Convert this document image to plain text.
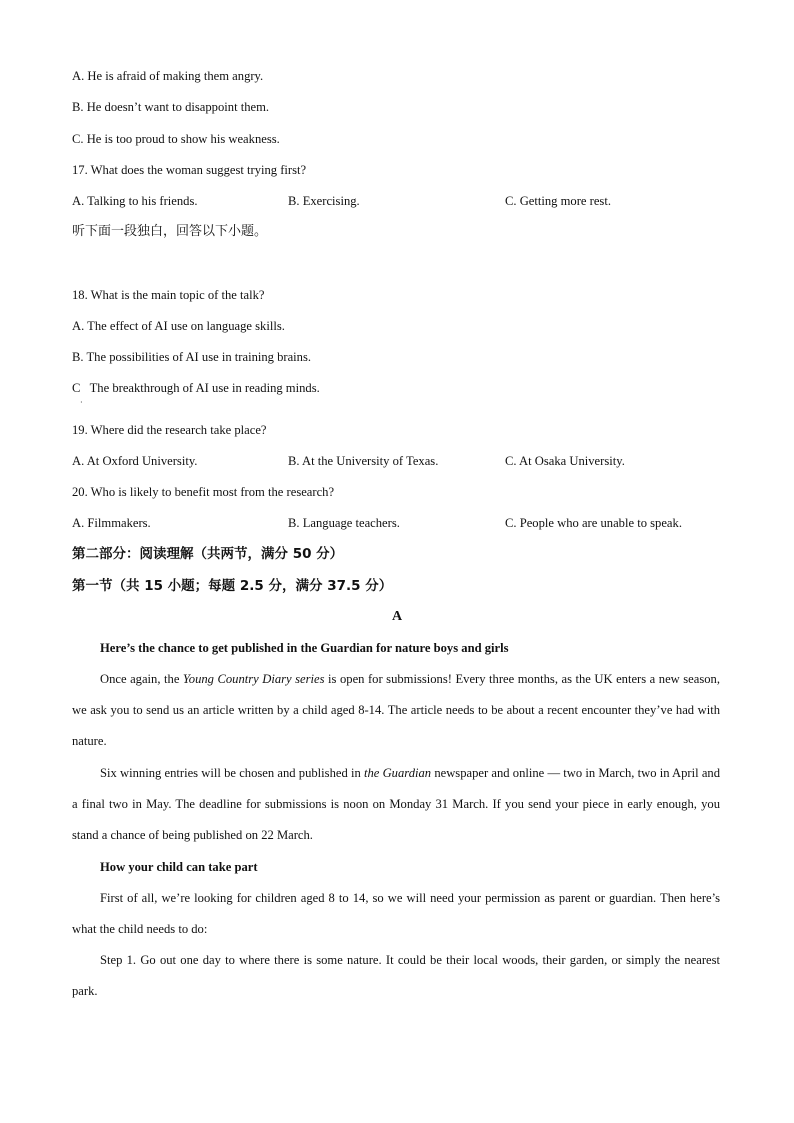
A. He is afraid of making them angry.
B. He doesn’t want to disappoint them.
C. He is too proud to show his weakness.
17. What does the woman suggest trying first?
A. Talking to his friends.	B. Exercising.	C. Getting more rest.
听下面一段独白，回答以下小题。
18. What is the main topic of the talk?
A. The effect of AI use on language skills.
B. The possibilities of AI use in training brains.
C   The breakthrough of AI use in reading minds.
·
19. Where did the research take place?
A. At Oxford University.	B. At the University of Texas.	C. At Osaka University.
20. Who is likely to benefit most from the research?
A. Filmmakers.	B. Language teachers.	C. People who are unable to speak.
第二部分：阅读理解（共两节，满分 50 分）
第一节（共 15 小题；每题 2.5 分，满分 37.5 分）
A
Here’s the chance to get published in the Guardian for nature boys and girls
Once again, the Young Country Diary series is open for submissions! Every three months, as the UK enters a new season, we ask you to send us an article written by a child aged 8-14. The article needs to be about a recent encounter they’ve had with nature.
Six winning entries will be chosen and published in the Guardian newspaper and online — two in March, two in April and a final two in May. The deadline for submissions is noon on Monday 31 March. If you send your piece in early enough, you stand a chance of being published on 22 March.
How your child can take part
First of all, we’re looking for children aged 8 to 14, so we will need your permission as parent or guardian. Then here’s what the child needs to do:
Step 1. Go out one day to where there is some nature. It could be their local woods, their garden, or simply the nearest park.
